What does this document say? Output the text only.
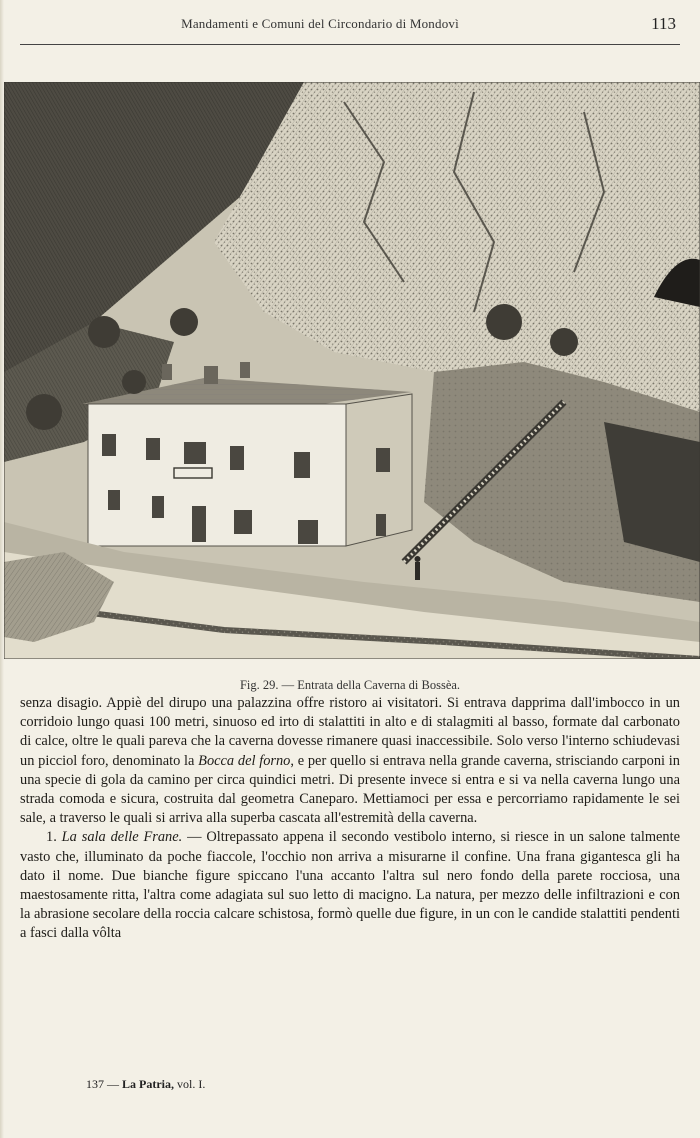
Mandamenti e Comuni del Circondario di Mondovì	113
Fig. 29. — Entrata della Caverna di Bossèa.

senza disagio. Appiè del dirupo una palazzina offre ristoro ai visitatori. Si entrava dapprima dall'imbocco in un corridoio lungo quasi 100 metri, sinuoso ed irto di stalattiti in alto e di stalagmiti al basso, formate dal carbonato di calce, oltre le quali pareva che la caverna dovesse rimanere quasi inaccessibile. Solo verso l'interno schiudevasi un picciol foro, denominato la Bocca del forno, e per quello si entrava nella grande caverna, strisciando carponi in una specie di gola da camino per circa quindici metri. Di presente invece si entra e si va nella caverna lungo una strada comoda e sicura, costruita dal geometra Caneparo. Mettiamoci per essa e percorriamo rapidamente le sei sale, a traverso le quali si arriva alla superba cascata all'estremità della caverna.

1. La sala delle Frane. — Oltrepassato appena il secondo vestibolo interno, si riesce in un salone talmente vasto che, illuminato da poche fiaccole, l'occhio non arriva a misurarne il confine. Una frana gigantesca gli ha dato il nome. Due bianche figure spiccano l'una accanto l'altra sul nero fondo della parete rocciosa, una maestosamente ritta, l'altra come adagiata sul suo letto di macigno. La natura, per mezzo delle infiltrazioni e con la abrasione secolare della roccia calcare schistosa, formò quelle due figure, in un con le candide stalattiti pendenti a fasci dalla vôlta

137 — La Patria, vol. I.
